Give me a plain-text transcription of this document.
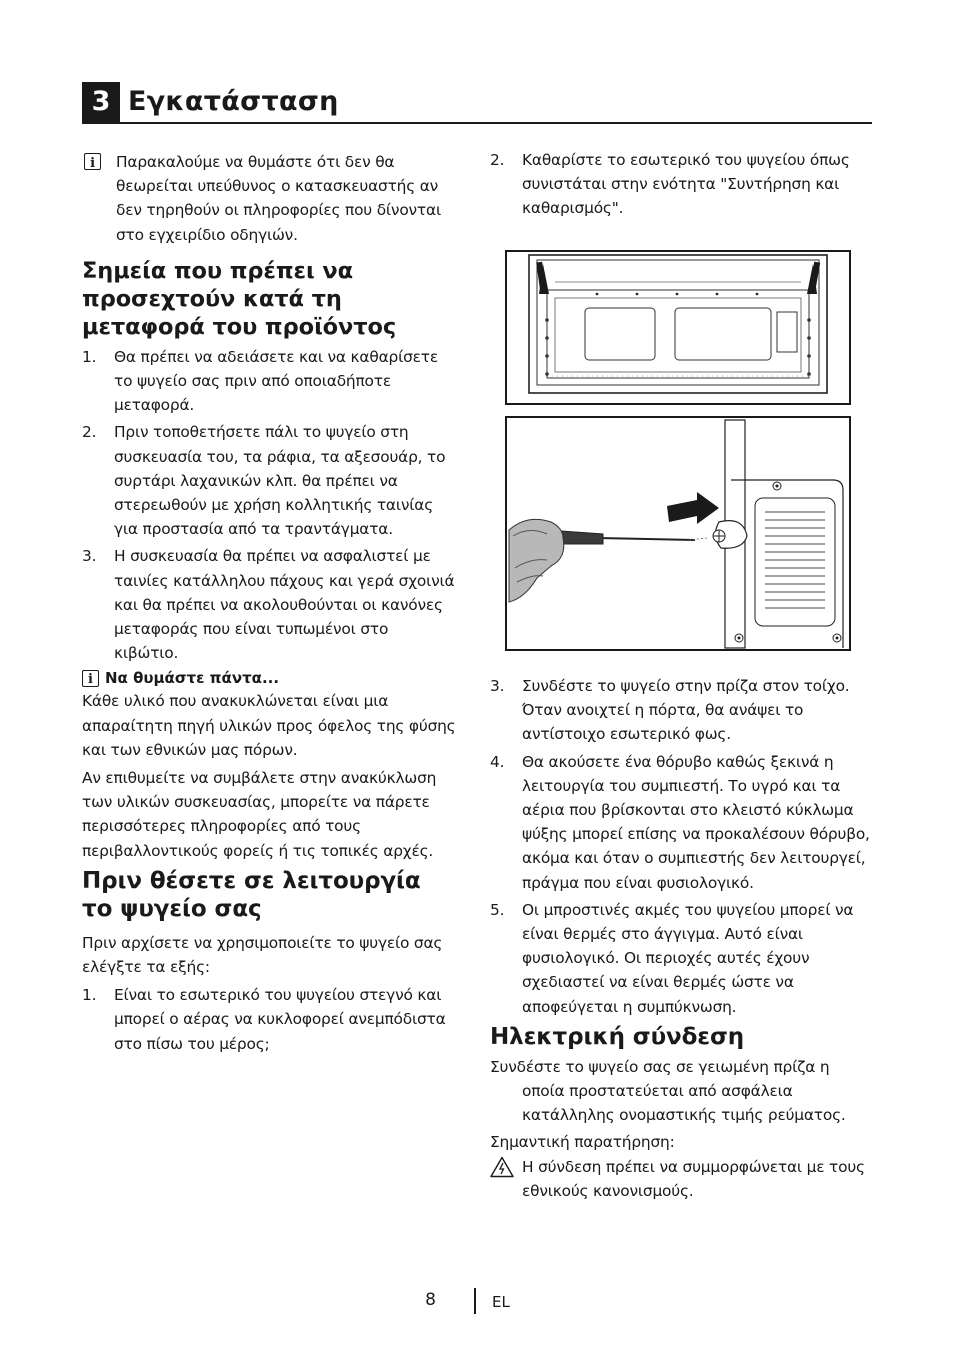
3 Εγκατάσταση
i
Παρακαλούμε να θυμάστε ότι δεν θα θεωρείται υπεύθυνος ο κατασκευαστής αν δεν τηρηθούν οι πληροφορίες που δίνονται στο εγχειρίδιο οδηγιών.
Σημεία που πρέπει να προσεχτούν κατά τη μεταφορά του προϊόντος
1. Θα πρέπει να αδειάσετε και να καθαρίσετε το ψυγείο σας πριν από οποιαδήποτε μεταφορά.
2. Πριν τοποθετήσετε πάλι το ψυγείο στη συσκευασία του, τα ράφια, τα αξεσουάρ, το συρτάρι λαχανικών κλπ. θα πρέπει να στερεωθούν με χρήση κολλητικής ταινίας για προστασία από τα τραντάγματα.
3. Η συσκευασία θα πρέπει να ασφαλιστεί με ταινίες κατάλληλου πάχους και γερά σχοινιά και θα πρέπει να ακολουθούνται οι κανόνες μεταφοράς που είναι τυπωμένοι στο κιβώτιο.
i
Να θυμάστε πάντα...
Κάθε υλικό που ανακυκλώνεται είναι μια απαραίτητη πηγή υλικών προς όφελος της φύσης και των εθνικών μας πόρων.
Αν επιθυμείτε να συμβάλετε στην ανακύκλωση των υλικών συσκευασίας, μπορείτε να πάρετε περισσότερες πληροφορίες από τους περιβαλλοντικούς φορείς ή τις τοπικές αρχές.
Πριν θέσετε σε λειτουργία το ψυγείο σας
Πριν αρχίσετε να χρησιμοποιείτε το ψυγείο σας ελέγξτε τα εξής:
1. Είναι το εσωτερικό του ψυγείου στεγνό και μπορεί ο αέρας να κυκλοφορεί ανεμπόδιστα στο πίσω του μέρος;
2. Καθαρίστε το εσωτερικό του ψυγείου όπως συνιστάται στην ενότητα "Συντήρηση και καθαρισμός".
3. Συνδέστε το ψυγείο στην πρίζα στον τοίχο. Όταν ανοιχτεί η πόρτα, θα ανάψει το αντίστοιχο εσωτερικό φως.
4. Θα ακούσετε ένα θόρυβο καθώς ξεκινά η λειτουργία του συμπιεστή. Το υγρό και τα αέρια που βρίσκονται στο κλειστό κύκλωμα ψύξης μπορεί επίσης να προκαλέσουν θόρυβο, ακόμα και όταν ο συμπιεστής δεν λειτουργεί, πράγμα που είναι φυσιολογικό.
5. Οι μπροστινές ακμές του ψυγείου μπορεί να είναι θερμές στο άγγιγμα. Αυτό είναι φυσιολογικό. Οι περιοχές αυτές έχουν σχεδιαστεί να είναι θερμές ώστε να αποφεύγεται η συμπύκνωση.
Ηλεκτρική σύνδεση
Συνδέστε το ψυγείο σας σε γειωμένη πρίζα η οποία προστατεύεται από ασφάλεια κατάλληλης ονομαστικής τιμής ρεύματος.
Σημαντική παρατήρηση:
Η σύνδεση πρέπει να συμμορφώνεται με τους εθνικούς κανονισμούς.
8	EL
